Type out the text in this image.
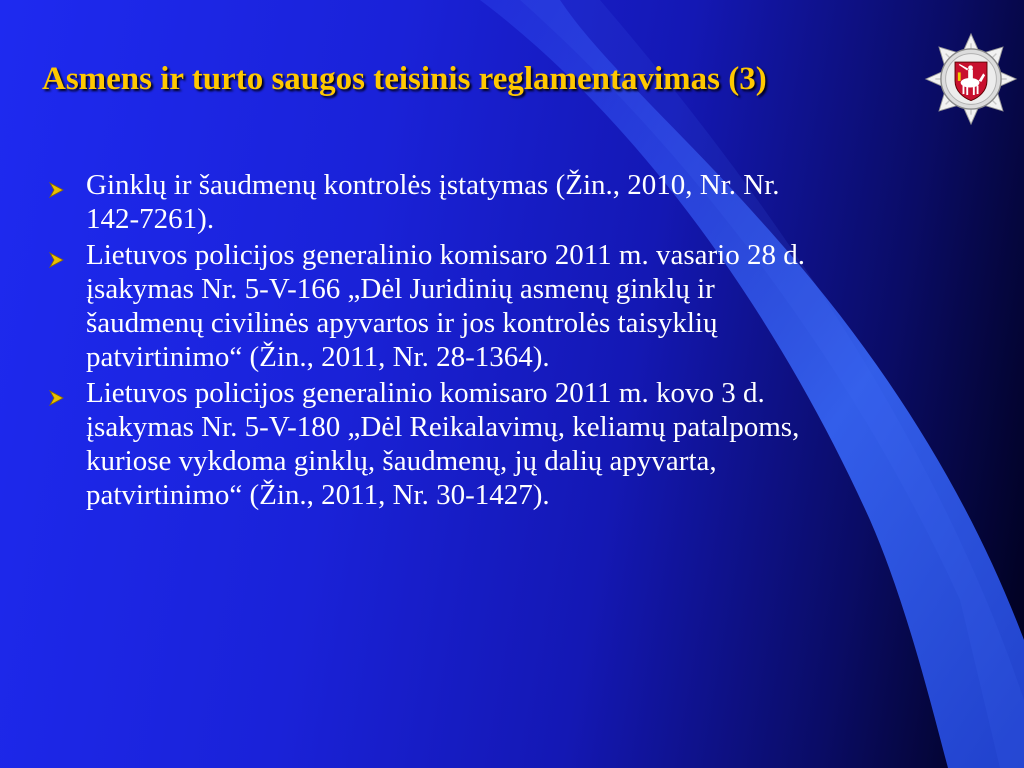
Asmens ir turto saugos teisinis reglamentavimas (3)
Ginklų ir šaudmenų kontrolės įstatymas (Žin., 2010, Nr. Nr.
142-7261).
Lietuvos policijos generalinio komisaro 2011 m. vasario 28 d.
įsakymas Nr. 5-V-166 „Dėl Juridinių asmenų ginklų ir
šaudmenų civilinės apyvartos ir jos kontrolės taisyklių
patvirtinimo“ (Žin., 2011, Nr. 28-1364).
Lietuvos policijos generalinio komisaro 2011 m. kovo 3 d.
įsakymas Nr. 5-V-180 „Dėl Reikalavimų, keliamų patalpoms,
kuriose vykdoma ginklų, šaudmenų, jų dalių apyvarta,
patvirtinimo“ (Žin., 2011, Nr. 30-1427).
